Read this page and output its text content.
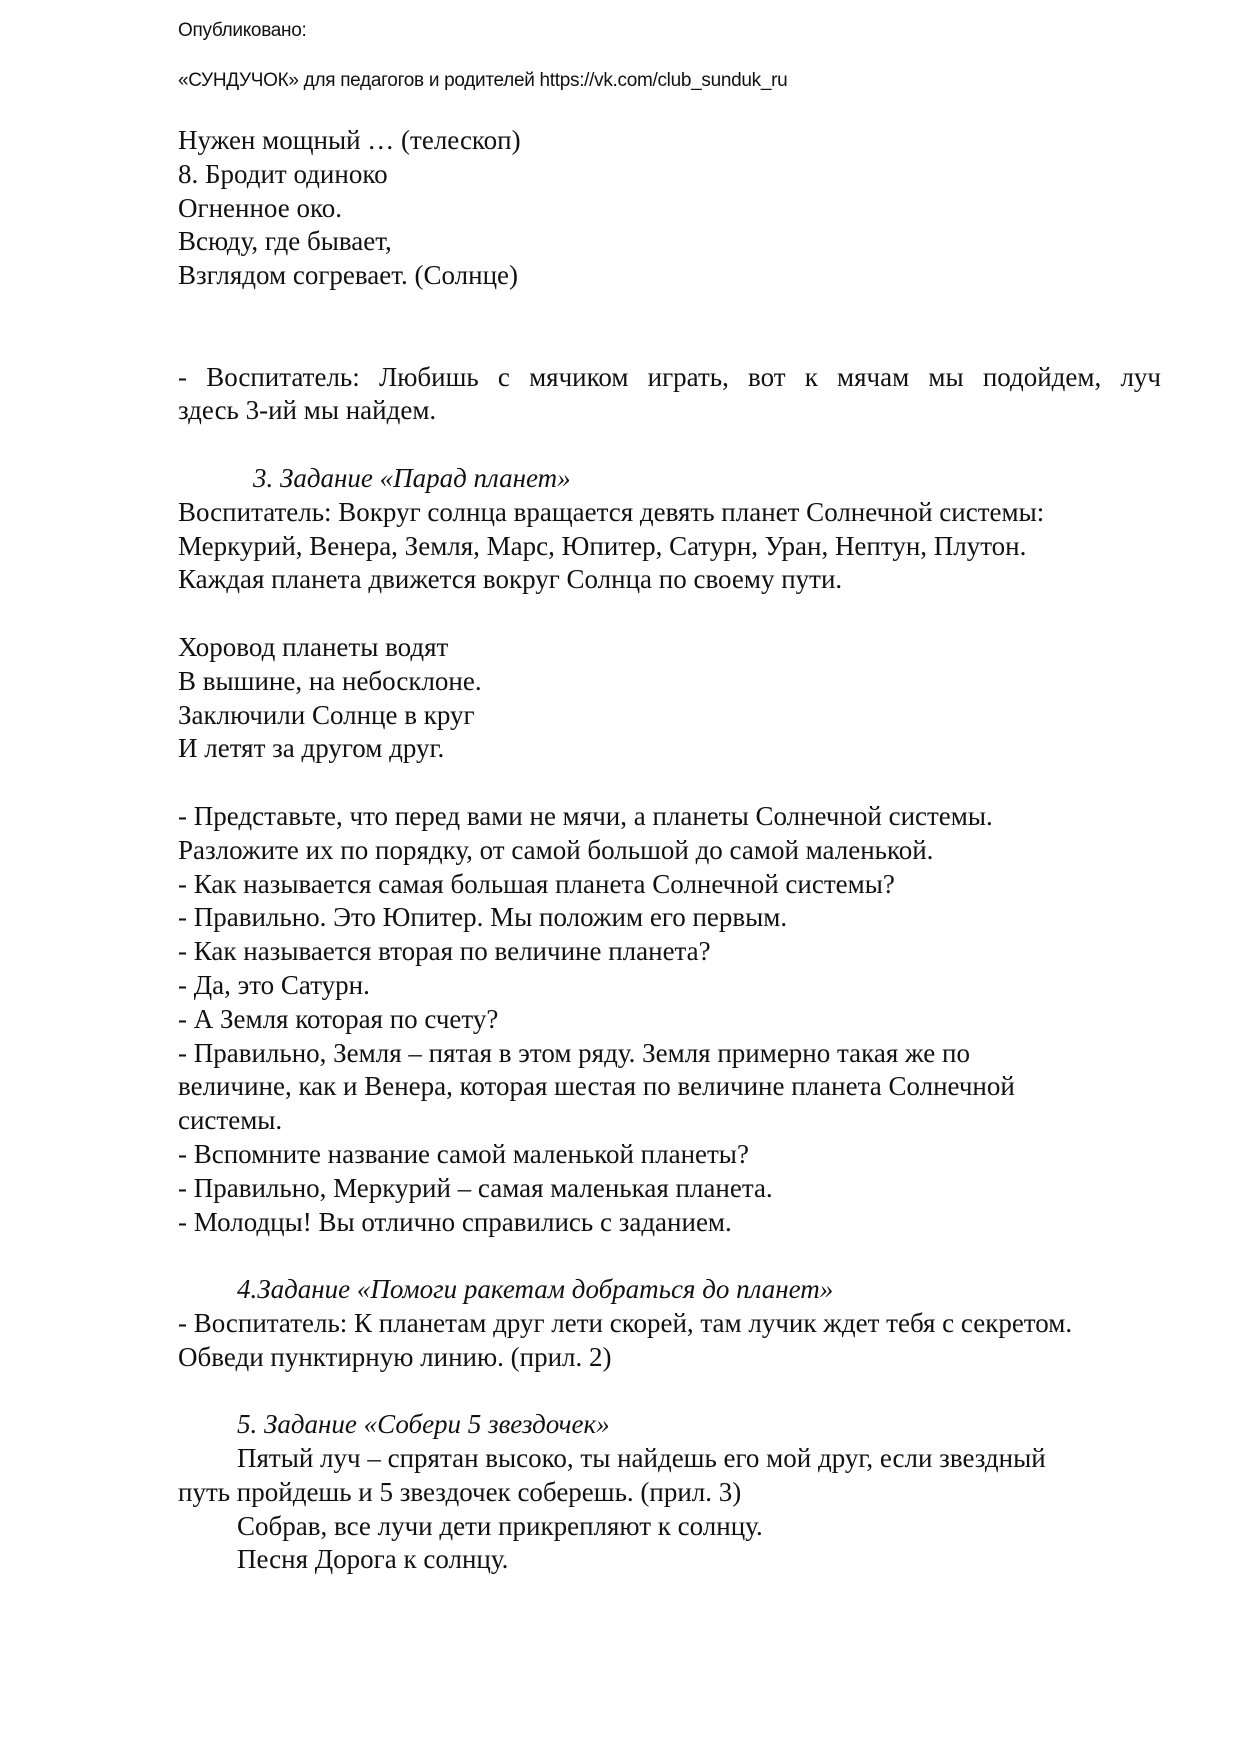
Опубликовано:
«СУНДУЧОК» для педагогов и родителей https://vk.com/club_sunduk_ru
Нужен мощный … (телескоп)
8. Бродит одиноко
Огненное око.
Всюду, где бывает,
Взглядом согревает. (Солнце)
- Воспитатель: Любишь с мячиком играть, вот к мячам мы подойдем, луч
здесь 3-ий мы найдем.
3. Задание «Парад планет»
Воспитатель: Вокруг солнца вращается девять планет Солнечной системы:
Меркурий, Венера, Земля, Марс, Юпитер, Сатурн, Уран, Нептун, Плутон.
Каждая планета движется вокруг Солнца по своему пути.
Хоровод планеты водят
В вышине, на небосклоне.
Заключили Солнце в круг
И летят за другом друг.
- Представьте, что перед вами не мячи, а планеты Солнечной системы.
Разложите их по порядку, от самой большой до самой маленькой.
- Как называется самая большая планета Солнечной системы?
- Правильно. Это Юпитер. Мы положим его первым.
- Как называется вторая по величине планета?
- Да, это Сатурн.
- А Земля которая по счету?
- Правильно, Земля – пятая в этом ряду. Земля примерно такая же по
величине, как и Венера, которая шестая по величине планета Солнечной
системы.
- Вспомните название самой маленькой планеты?
- Правильно, Меркурий – самая маленькая планета.
- Молодцы! Вы отлично справились с заданием.
4.Задание «Помоги ракетам добраться до планет»
- Воспитатель: К планетам друг лети скорей, там лучик ждет тебя с секретом.
Обведи пунктирную линию. (прил. 2)
5. Задание «Собери 5 звездочек»
Пятый луч – спрятан высоко, ты найдешь его мой друг, если звездный
путь пройдешь и 5 звездочек соберешь. (прил. 3)
Собрав, все лучи дети прикрепляют к солнцу.
Песня Дорога к солнцу.
